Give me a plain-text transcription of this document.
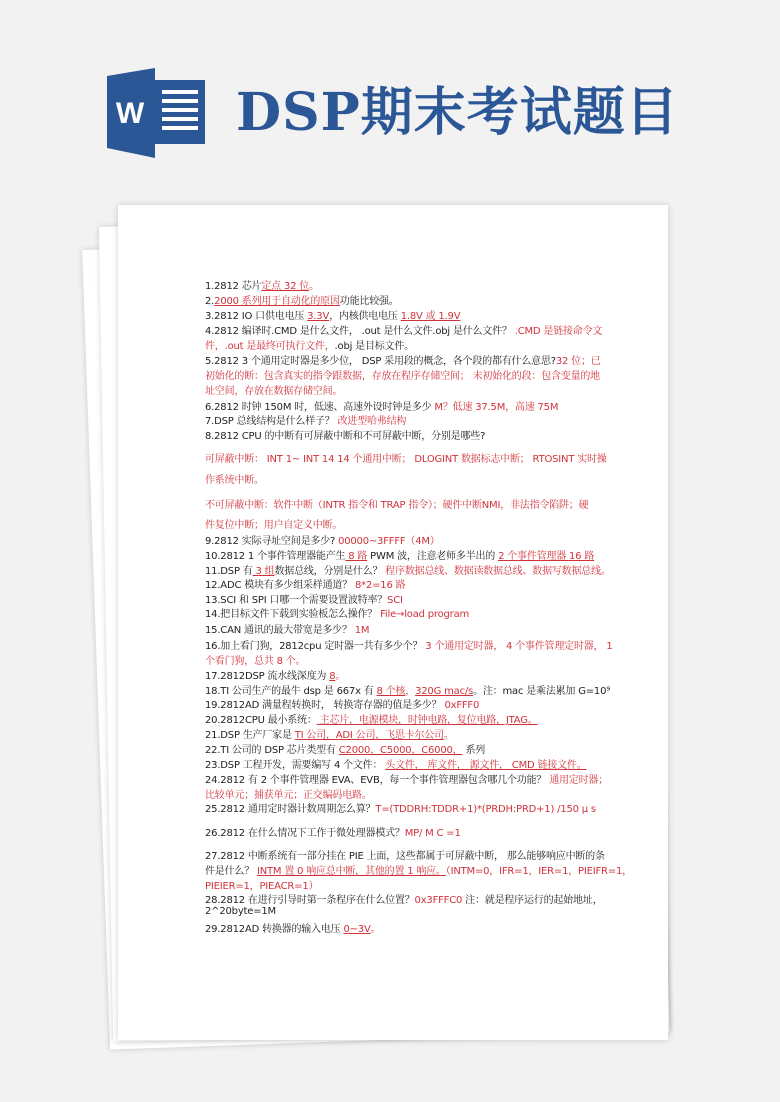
W DSP期末考试题目
1.2812 芯片定点 32 位。
2.2000 系列用于自动化的原因功能比较强。
3.2812 IO 口供电电压 3.3V，内核供电电压 1.8V 或 1.9V
4.2812 编译时.CMD 是什么文件， .out 是什么文件.obj 是什么文件？ .CMD 是链接命令文
件，.out 是最终可执行文件，.obj 是目标文件。
5.2812 3 个通用定时器是多少位， DSP 采用段的概念，各个段的都有什么意思?32 位；已
初始化的断：包含真实的指令跟数据，存放在程序存储空间； 未初始化的段：包含变量的地
址空间，存放在数据存储空间。
6.2812 时钟 150M 时，低速、高速外设时钟是多少 M？低速 37.5M，高速 75M
7.DSP 总线结构是什么样子？ 改进型哈弗结构
8.2812 CPU 的中断有可屏蔽中断和不可屏蔽中断，分别是哪些?
可屏蔽中断： INT 1~ INT 14 14 个通用中断； DLOGINT 数据标志中断； RTOSINT 实时操
作系统中断。
不可屏蔽中断：软件中断（INTR 指令和 TRAP 指令）；硬件中断NMI，非法指令陷阱；硬
件复位中断；用户自定义中断。
9.2812 实际寻址空间是多少? 00000~3FFFF（4M）
10.2812 1 个事件管理器能产生 8 路 PWM 波，注意老师多半出的 2 个事件管理器 16 路
11.DSP 有 3 组数据总线，分别是什么？ 程序数据总线、数据读数据总线、数据写数据总线。
12.ADC 模块有多少组采样通道？ 8*2=16 路
13.SCI 和 SPI 口哪一个需要设置波特率？SCI
14.把目标文件下载到实验板怎么操作？ File→load program
15.CAN 通讯的最大带宽是多少？ 1M
16.加上看门狗，2812cpu 定时器一共有多少个？ 3 个通用定时器， 4 个事件管理定时器， 1
个看门狗，总共 8 个。
17.2812DSP 流水线深度为 8。
18.TI 公司生产的最牛 dsp 是 667x 有 8 个核，320G mac/s。注：mac 是乘法累加 G=10⁹
19.2812AD 满量程转换时， 转换寄存器的值是多少？ 0xFFF0
20.2812CPU 最小系统： 主芯片，电源模块，时钟电路，复位电路，JTAG。
21.DSP 生产厂家是 TI 公司，ADI 公司，飞思卡尔公司。
22.TI 公司的 DSP 芯片类型有 C2000，C5000，C6000， 系列
23.DSP 工程开发，需要编写 4 个文件： 头文件， 库文件， 源文件， CMD 链接文件。
24.2812 有 2 个事件管理器 EVA、EVB，每一个事件管理器包含哪几个功能？ 通用定时器；
比较单元；捕获单元；正交编码电路。
25.2812 通用定时器计数周期怎么算？T=(TDDRH:TDDR+1)*(PRDH:PRD+1) /150 μ s
26.2812 在什么情况下工作于微处理器模式？MP/ M C =1
27.2812 中断系统有一部分挂在 PIE 上面，这些都属于可屏蔽中断， 那么能够响应中断的条
件是什么？ INTM 置 0 响应总中断，其他的置 1 响应。（INTM=0，IFR=1，IER=1，PIEIFR=1，
PIEIER=1，PIEACR=1）
28.2812 在进行引导时第一条程序在什么位置？0x3FFFC0 注：就是程序运行的起始地址，
2^20byte=1M
29.2812AD 转换器的输入电压 0~3V。
